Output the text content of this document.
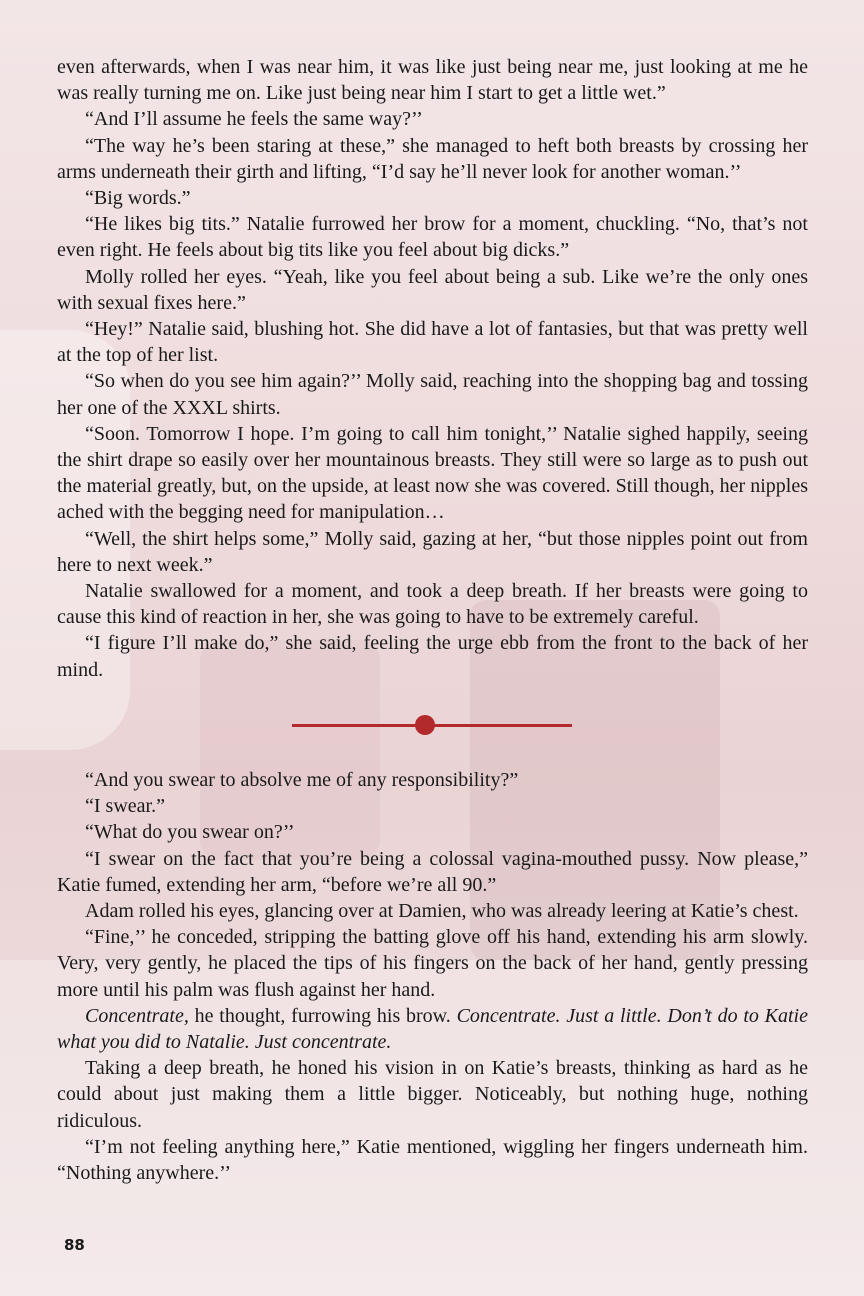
even afterwards, when I was near him, it was like just being near me, just looking at me he was really turning me on. Like just being near him I start to get a little wet.”

“And I’ll assume he feels the same way?’’

“The way he’s been staring at these,” she managed to heft both breasts by crossing her arms underneath their girth and lifting, “I’d say he’ll never look for another woman.’’

“Big words.”

“He likes big tits.” Natalie furrowed her brow for a moment, chuckling. “No, that’s not even right. He feels about big tits like you feel about big dicks.”

Molly rolled her eyes. “Yeah, like you feel about being a sub. Like we’re the only ones with sexual fixes here.”

“Hey!” Natalie said, blushing hot. She did have a lot of fantasies, but that was pretty well at the top of her list.

“So when do you see him again?’’ Molly said, reaching into the shopping bag and tossing her one of the XXXL shirts.

“Soon. Tomorrow I hope. I’m going to call him tonight,’’ Natalie sighed happily, seeing the shirt drape so easily over her mountainous breasts. They still were so large as to push out the material greatly, but, on the upside, at least now she was covered. Still though, her nipples ached with the begging need for manipulation…

“Well, the shirt helps some,” Molly said, gazing at her, “but those nipples point out from here to next week.”

Natalie swallowed for a moment, and took a deep breath. If her breasts were going to cause this kind of reaction in her, she was going to have to be extremely careful.

“I figure I’ll make do,” she said, feeling the urge ebb from the front to the back of her mind.

“And you swear to absolve me of any responsibility?”

“I swear.”

“What do you swear on?’’

“I swear on the fact that you’re being a colossal vagina-mouthed pussy. Now please,” Katie fumed, extending her arm, “before we’re all 90.”

Adam rolled his eyes, glancing over at Damien, who was already leering at Katie’s chest.

“Fine,’’ he conceded, stripping the batting glove off his hand, extending his arm slowly. Very, very gently, he placed the tips of his fingers on the back of her hand, gently pressing more until his palm was flush against her hand.

Concentrate, he thought, furrowing his brow. Concentrate. Just a little. Don’t do to Katie what you did to Natalie. Just concentrate.

Taking a deep breath, he honed his vision in on Katie’s breasts, thinking as hard as he could about just making them a little bigger. Noticeably, but nothing huge, nothing ridiculous.

“I’m not feeling anything here,” Katie mentioned, wiggling her fingers underneath him. “Nothing anywhere.’’

88
